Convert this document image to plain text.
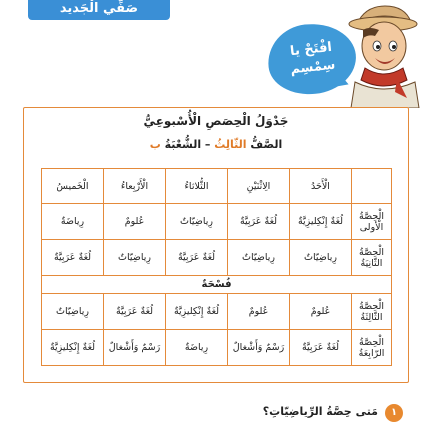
صَفِّي الْجَديد
افْتَحْ يا
سِمْسِم
جَدْوَلُ الْحِصَصِ الْأُسْبوعِيُّ
الصَّفُّ الثّالِثُ – الشُّعْبَةُ ب
	الْأَحَدُ	الِاثْنَيْنِ	الثُّلاثاءُ	الْأَرْبِعاءُ	الْخَميسُ
الْحِصَّةُ
الْأولى	لُغَةٌ إِنْكِليزِيَّةٌ	لُغَةٌ عَرَبِيَّةٌ	رِياضِيّاتٌ	عُلومٌ	رِياضَةٌ
الْحِصَّةُ
الثّانِيَةُ	رِياضِيّاتٌ	رِياضِيّاتٌ	لُغَةٌ عَرَبِيَّةٌ	رِياضِيّاتٌ	لُغَةٌ عَرَبِيَّةٌ
فُسْحَةٌ					
الْحِصَّةُ
الثّالِثَةُ	عُلومٌ	عُلومٌ	لُغَةٌ إِنْكِليزِيَّةٌ	لُغَةٌ عَرَبِيَّةٌ	رِياضِيّاتٌ
الْحِصَّةُ
الرّابِعَةُ	لُغَةٌ عَرَبِيَّةٌ	رَسْمٌ وَأَشْغالٌ	رِياضَةٌ	رَسْمٌ وَأَشْغالٌ	لُغَةٌ إِنْكِليزِيَّةٌ
١
مَتى حِصَّةُ الرِّياضِيّاتِ؟
